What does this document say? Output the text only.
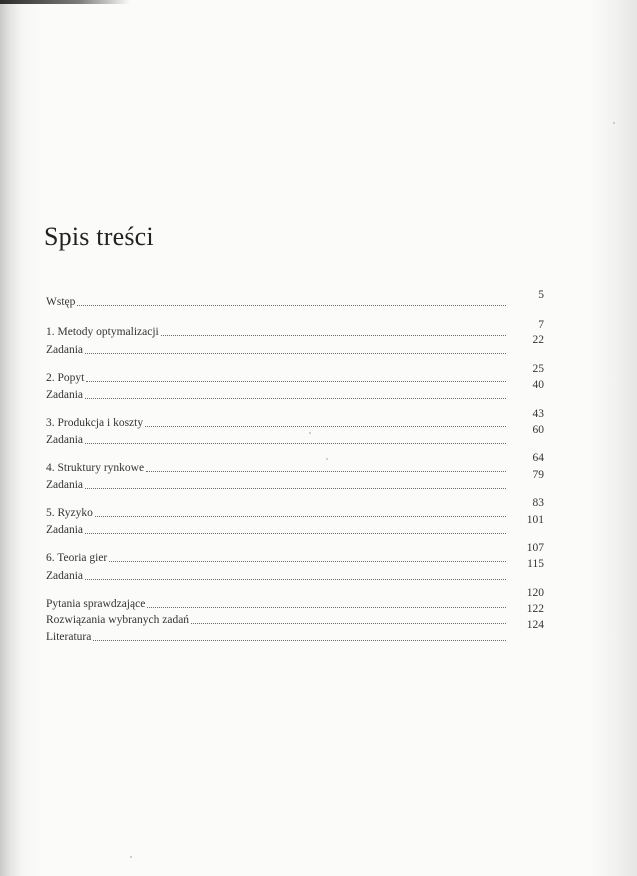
Spis treści
Wstęp
5
1. Metody optymalizacji
7
Zadania
22
2. Popyt
25
Zadania
40
3. Produkcja i koszty
43
Zadania
60
4. Struktury rynkowe
64
Zadania
79
5. Ryzyko
83
Zadania
101
6. Teoria gier
107
Zadania
115
Pytania sprawdzające
120
Rozwiązania wybranych zadań
122
Literatura
124
